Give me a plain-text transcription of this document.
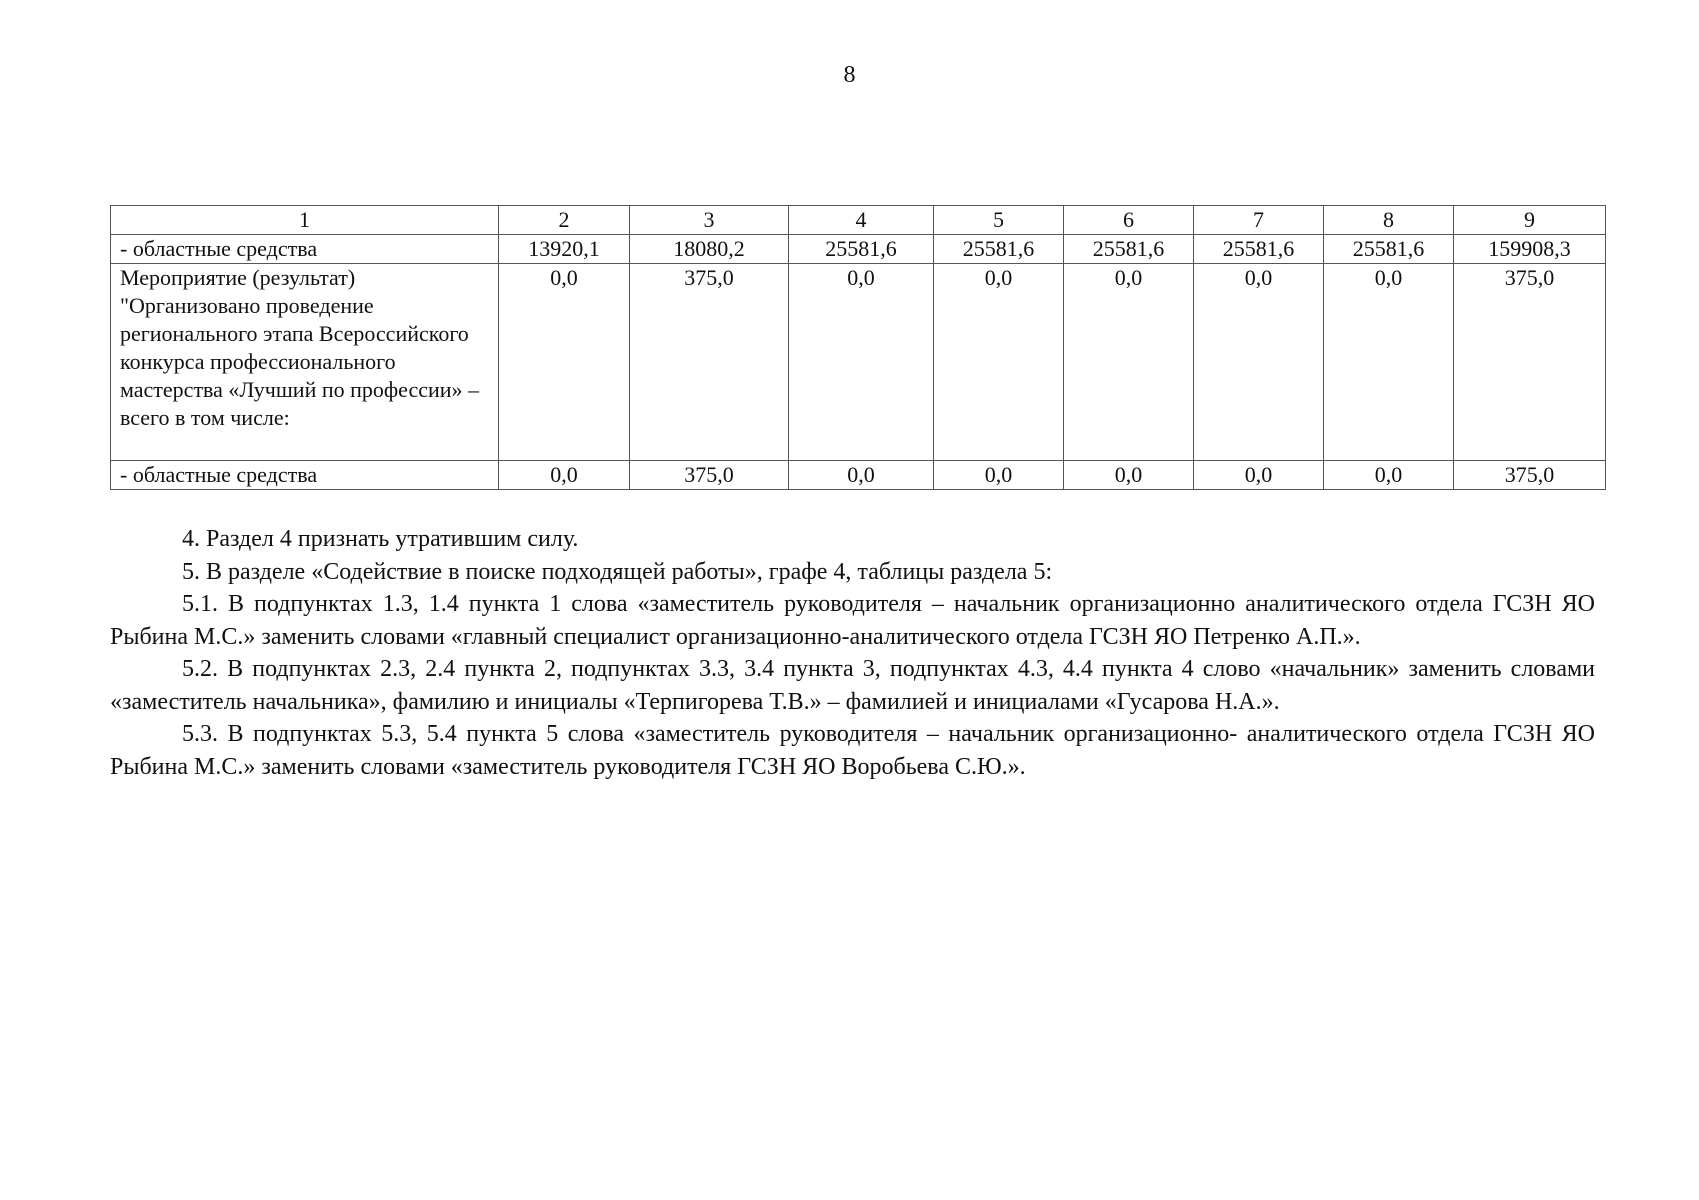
8
1	2	3	4	5	6	7	8	9
- областные средства	13920,1	18080,2	25581,6	25581,6	25581,6	25581,6	25581,6	159908,3
Мероприятие (результат) "Организовано проведение регионального этапа Всероссийского конкурса профессионального мастерства «Лучший по профессии» – всего в том числе:	0,0	375,0	0,0	0,0	0,0	0,0	0,0	375,0
- областные средства	0,0	375,0	0,0	0,0	0,0	0,0	0,0	375,0

4. Раздел 4 признать утратившим силу.

5. В разделе «Содействие в поиске подходящей работы», графе 4, таблицы раздела 5:

5.1. В подпунктах 1.3, 1.4 пункта 1 слова «заместитель руководителя – начальник организационно аналитического отдела ГСЗН ЯО Рыбина М.С.» заменить словами «главный специалист организационно-аналитического отдела ГСЗН ЯО Петренко А.П.».

5.2. В подпунктах 2.3, 2.4 пункта 2, подпунктах 3.3, 3.4 пункта 3, подпунктах 4.3, 4.4 пункта 4 слово «начальник» заменить словами «заместитель начальника», фамилию и инициалы «Терпигорева Т.В.» – фамилией и инициалами «Гусарова Н.А.».

5.3. В подпунктах 5.3, 5.4 пункта 5 слова «заместитель руководителя – начальник организационно- аналитического отдела ГСЗН ЯО Рыбина М.С.» заменить словами «заместитель руководителя ГСЗН ЯО Воробьева С.Ю.».
